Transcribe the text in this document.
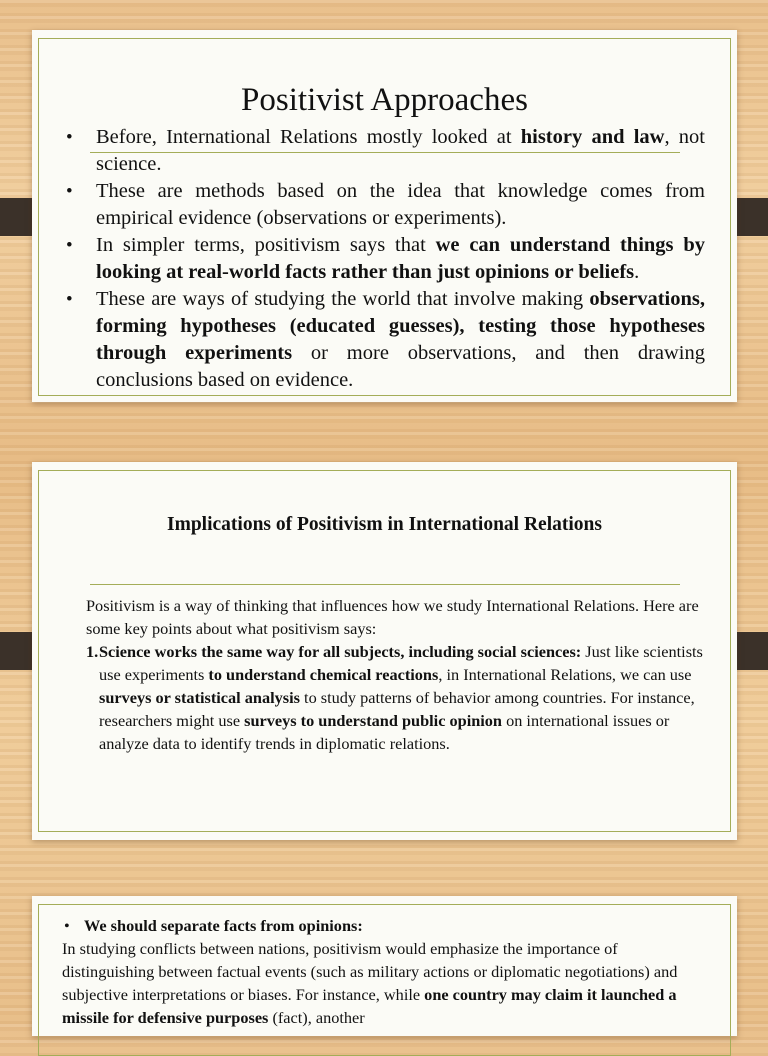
Positivist Approaches
• Before, International Relations mostly looked at history and law, not science.
• These are methods based on the idea that knowledge comes from empirical evidence (observations or experiments).
• In simpler terms, positivism says that we can understand things by looking at real-world facts rather than just opinions or beliefs.
• These are ways of studying the world that involve making observations, forming hypotheses (educated guesses), testing those hypotheses through experiments or more observations, and then drawing conclusions based on evidence.
Implications of Positivism in International Relations

Positivism is a way of thinking that influences how we study International Relations. Here are some key points about what positivism says:

1. Science works the same way for all subjects, including social sciences: Just like scientists use experiments to understand chemical reactions, in International Relations, we can use surveys or statistical analysis to study patterns of behavior among countries. For instance, researchers might use surveys to understand public opinion on international issues or analyze data to identify trends in diplomatic relations.
• We should separate facts from opinions:

In studying conflicts between nations, positivism would emphasize the importance of distinguishing between factual events (such as military actions or diplomatic negotiations) and subjective interpretations or biases. For instance, while one country may claim it launched a missile for defensive purposes (fact), another
